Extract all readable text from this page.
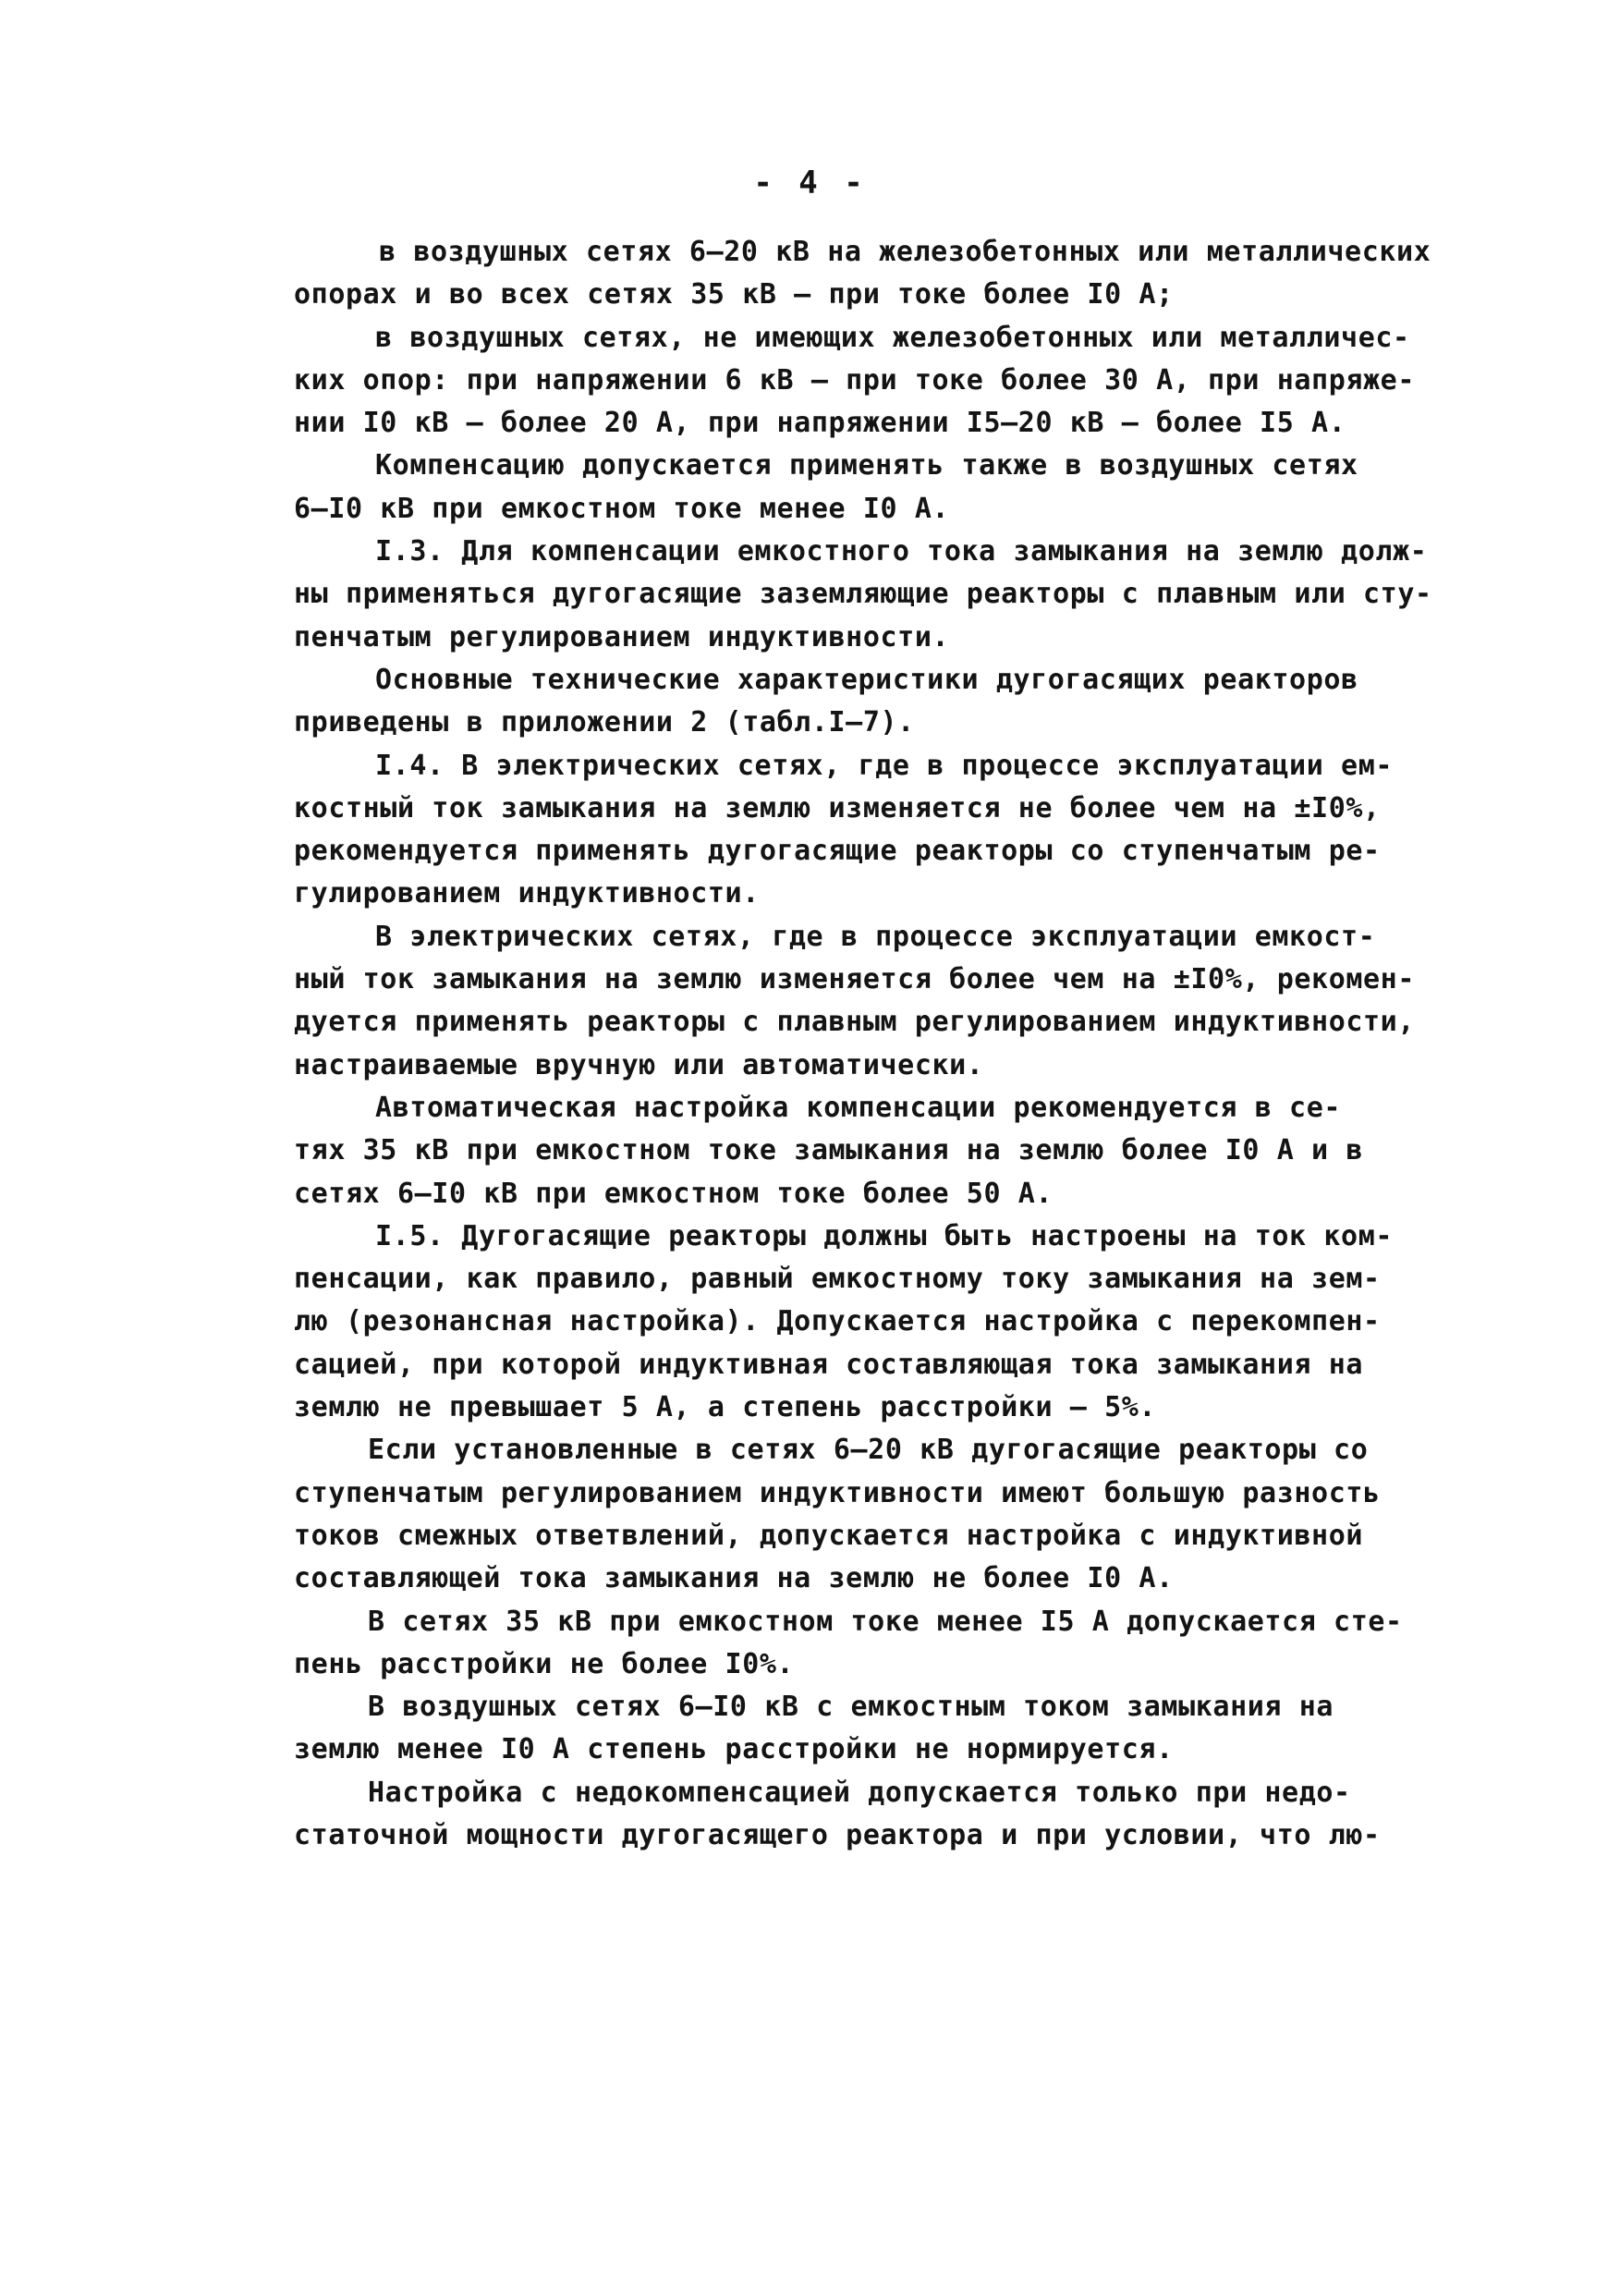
- 4 -
в воздушных сетях 6–20 кВ на железобетонных или металлических
опорах и во всех сетях 35 кВ – при токе более I0 А;
в воздушных сетях, не имеющих железобетонных или металличес-
ких опор: при напряжении 6 кВ – при токе более 30 А, при напряже-
нии I0 кВ – более 20 А, при напряжении I5–20 кВ – более I5 А.
Компенсацию допускается применять также в воздушных сетях
6–I0 кВ при емкостном токе менее I0 А.
I.3. Для компенсации емкостного тока замыкания на землю долж-
ны применяться дугогасящие заземляющие реакторы с плавным или сту-
пенчатым регулированием индуктивности.
Основные технические характеристики дугогасящих реакторов
приведены в приложении 2 (табл.I–7).
I.4. В электрических сетях, где в процессе эксплуатации ем-
костный ток замыкания на землю изменяется не более чем на ±I0%,
рекомендуется применять дугогасящие реакторы со ступенчатым ре-
гулированием индуктивности.
В электрических сетях, где в процессе эксплуатации емкост-
ный ток замыкания на землю изменяется более чем на ±I0%, рекомен-
дуется применять реакторы с плавным регулированием индуктивности,
настраиваемые вручную или автоматически.
Автоматическая настройка компенсации рекомендуется в се-
тях 35 кВ при емкостном токе замыкания на землю более I0 А и в
сетях 6–I0 кВ при емкостном токе более 50 А.
I.5. Дугогасящие реакторы должны быть настроены на ток ком-
пенсации, как правило, равный емкостному току замыкания на зем-
лю (резонансная настройка). Допускается настройка с перекомпен-
сацией, при которой индуктивная составляющая тока замыкания на
землю не превышает 5 А, а степень расстройки – 5%.
Если установленные в сетях 6–20 кВ дугогасящие реакторы со
ступенчатым регулированием индуктивности имеют большую разность
токов смежных ответвлений, допускается настройка с индуктивной
составляющей тока замыкания на землю не более I0 А.
В сетях 35 кВ при емкостном токе менее I5 А допускается сте-
пень расстройки не более I0%.
В воздушных сетях 6–I0 кВ с емкостным током замыкания на
землю менее I0 А степень расстройки не нормируется.
Настройка с недокомпенсацией допускается только при недо-
статочной мощности дугогасящего реактора и при условии, что лю-
